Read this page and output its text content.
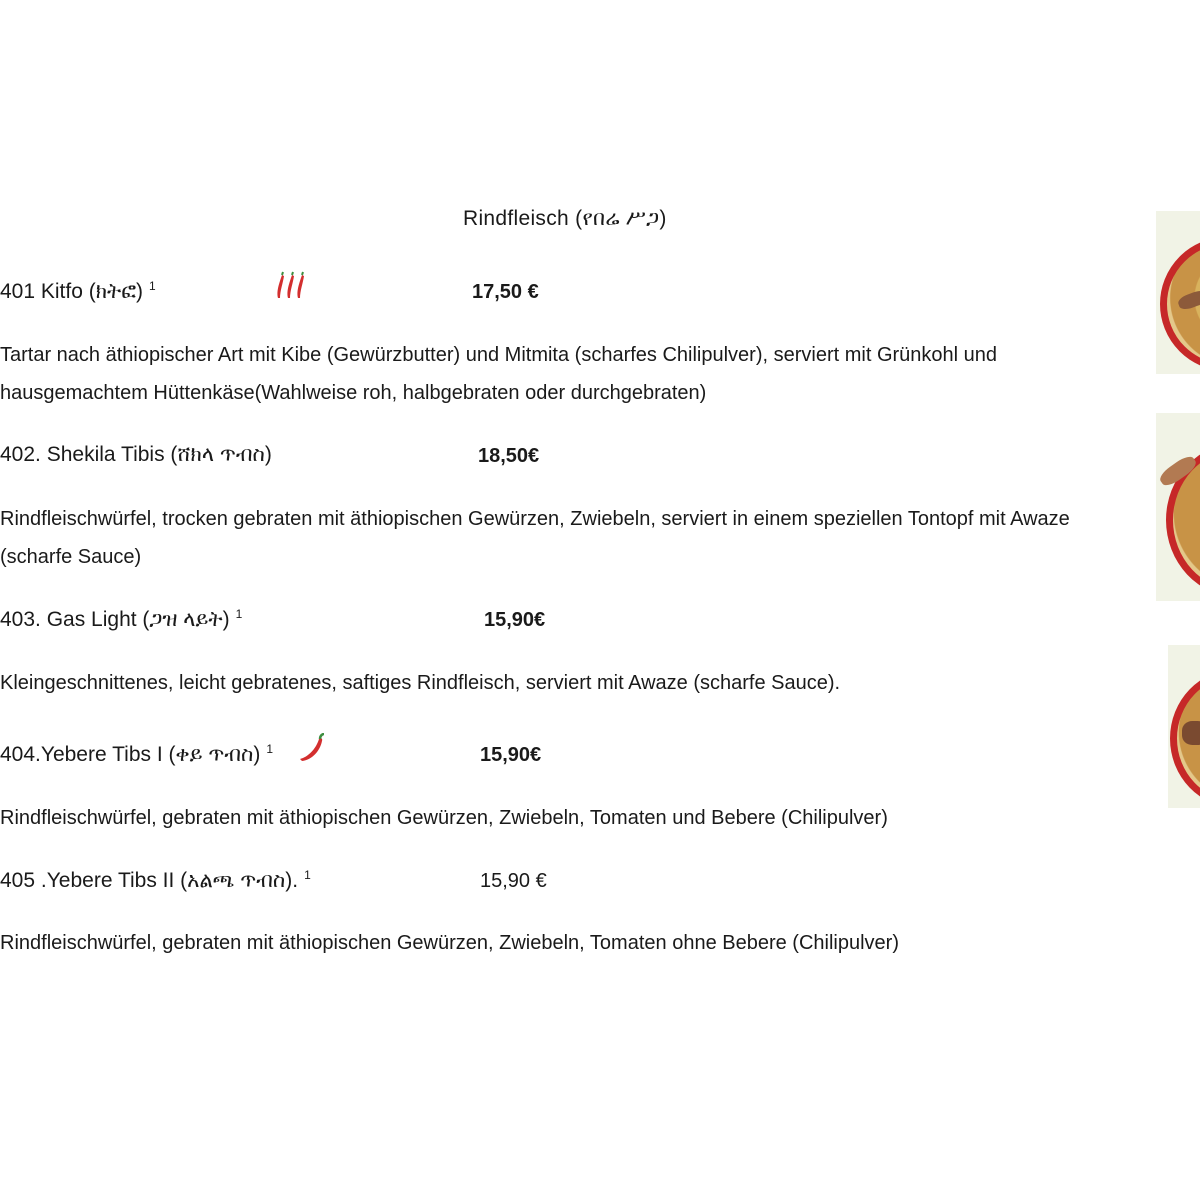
Rindfleisch (የበሬ ሥጋ)
401 Kitfo (ክትፎ) $^1$	17,50 €
Tartar nach äthiopischer Art mit Kibe (Gewürzbutter) und Mitmita (scharfes Chilipulver), serviert mit Grünkohl und hausgemachtem Hüttenkäse(Wahlweise roh, halbgebraten oder durchgebraten)
402. Shekila Tibis (ሸክላ ጥብስ)	18,50€
Rindfleischwürfel, trocken gebraten mit äthiopischen Gewürzen, Zwiebeln, serviert in einem speziellen Tontopf mit Awaze (scharfe Sauce)
403. Gas Light (ጋዝ ላይት) $^1$	15,90€
Kleingeschnittenes, leicht gebratenes, saftiges Rindfleisch, serviert mit Awaze (scharfe Sauce).
404.Yebere Tibs I (ቀይ ጥብስ) $^1$	15,90€
Rindfleischwürfel, gebraten mit äthiopischen Gewürzen, Zwiebeln, Tomaten und Bebere (Chilipulver)
405 .Yebere Tibs II (አልጫ ጥብስ). $^1$	15,90 €
Rindfleischwürfel, gebraten mit äthiopischen Gewürzen, Zwiebeln, Tomaten ohne Bebere (Chilipulver)
